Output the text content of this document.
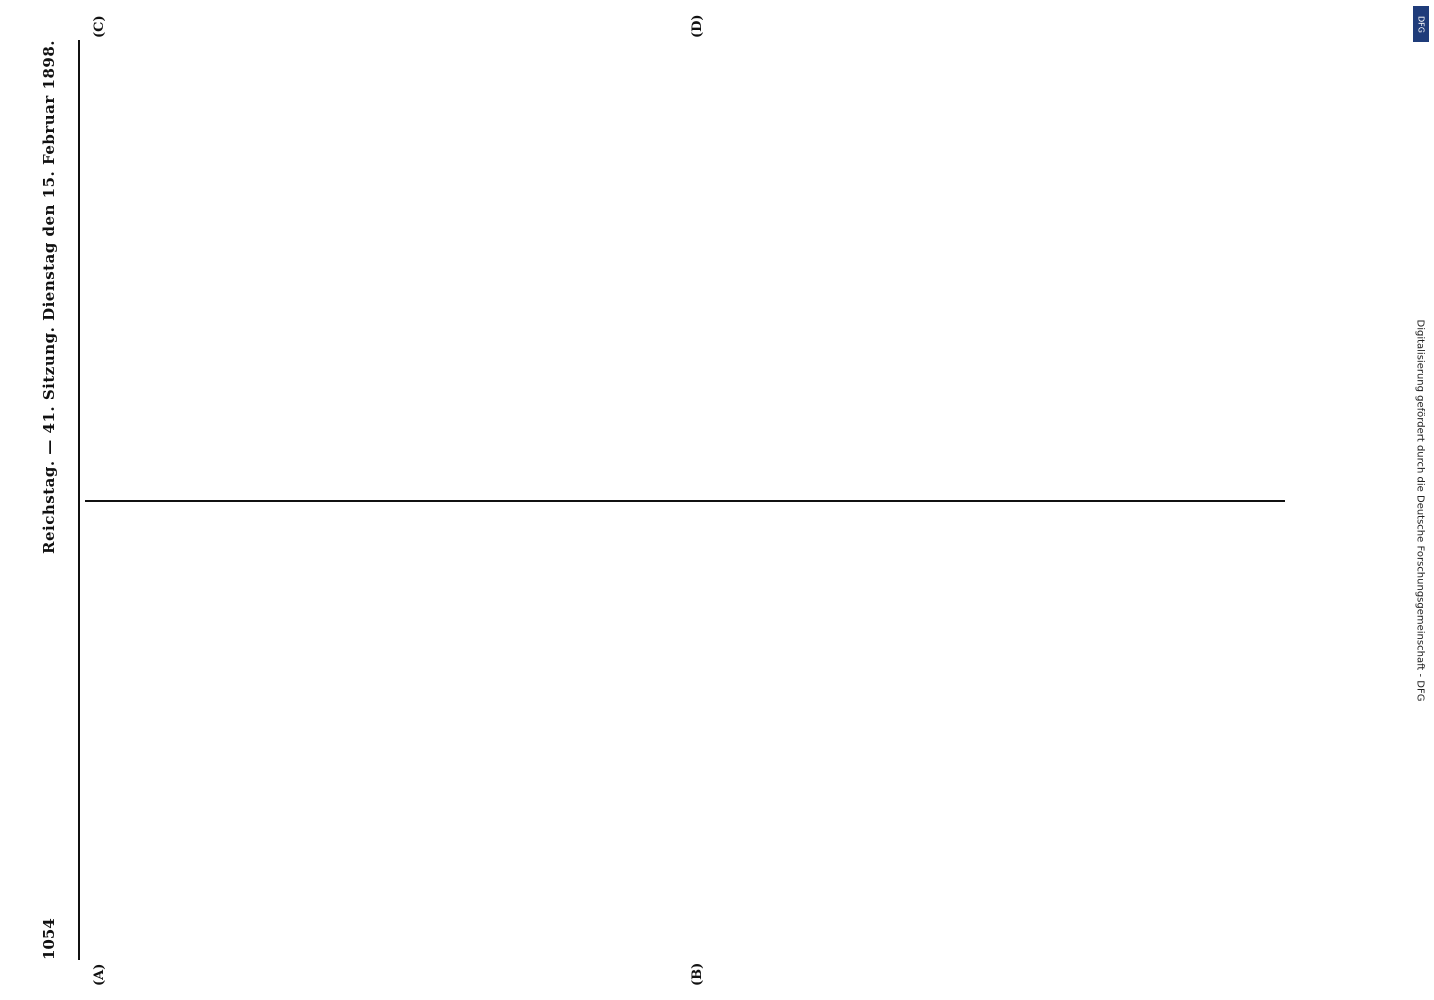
1054
Reichstag. — 41. Sitzung. Dienstag den 15. Februar 1898.
(A)	(B)
(C)	(D)	DFG
Digitalisierung gefördert durch die Deutsche Forschungsgemeinschaft - DFG
